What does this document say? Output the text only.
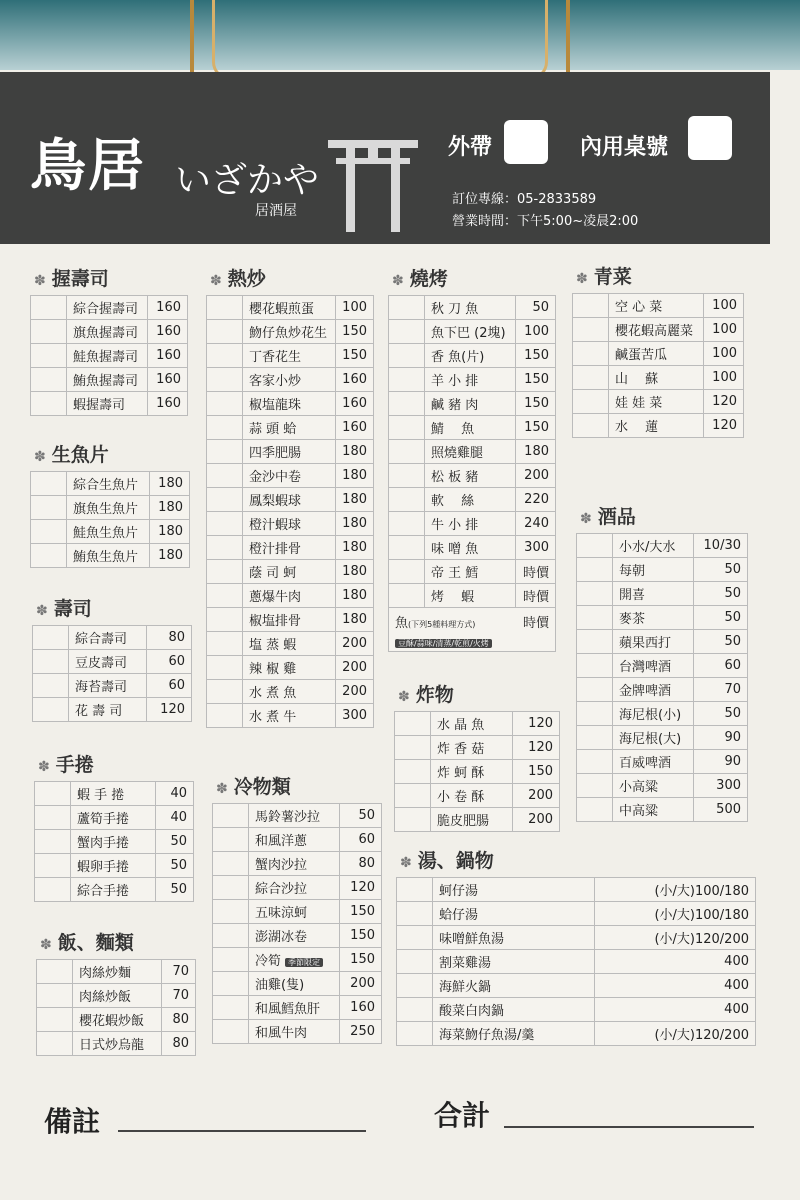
鳥居 いざかや
居酒屋
外帶	內用桌號
訂位專線：05-2833589
營業時間：下午5:00~凌晨2:00
✽ 握壽司
	綜合握壽司	160
	旗魚握壽司	160
	鮭魚握壽司	160
	鮪魚握壽司	160
	蝦握壽司	160
✽ 生魚片
	綜合生魚片	180
	旗魚生魚片	180
	鮭魚生魚片	180
	鮪魚生魚片	180
✽ 壽司
	綜合壽司	80
	豆皮壽司	60
	海苔壽司	60
	花 壽 司	120
✽ 手捲
	蝦 手 捲	40
	蘆筍手捲	40
	蟹肉手捲	50
	蝦卵手捲	50
	綜合手捲	50
✽ 飯、麵類
	肉絲炒麵	70
	肉絲炒飯	70
	櫻花蝦炒飯	80
	日式炒烏龍	80
✽ 熱炒
	櫻花蝦煎蛋	100
	魩仔魚炒花生	150
	丁香花生	150
	客家小炒	160
	椒塩龍珠	160
	蒜 頭 蛤	160
	四季肥腸	180
	金沙中卷	180
	鳳梨蝦球	180
	橙汁蝦球	180
	橙汁排骨	180
	蔭 司 蚵	180
	蔥爆牛肉	180
	椒塩排骨	180
	塩 蒸 蝦	200
	辣 椒 雞	200
	水 煮 魚	200
	水 煮 牛	300
✽ 冷物類
	馬鈴薯沙拉	50
	和風洋蔥	60
	蟹肉沙拉	80
	綜合沙拉	120
	五味涼蚵	150
	澎湖冰卷	150
	冷筍 季節限定	150
	油雞(隻)	200
	和風鱈魚肝	160
	和風牛肉	250
✽ 燒烤
	秋 刀 魚	50
	魚下巴 (2塊)	100
	香 魚(片)	150
	羊 小 排	150
	鹹 豬 肉	150
	鯖　 魚	150
	照燒雞腿	180
	松 板 豬	200
	軟　 絲	220
	牛 小 排	240
	味 噌 魚	300
	帝 王 鱈	時價
	烤　 蝦	時價
魚(下列5種料理方式)	時價
豆酥/蒜味/清蒸/乾煎/火烤
✽ 炸物
	水 晶 魚	120
	炸 香 菇	120
	炸 蚵 酥	150
	小 卷 酥	200
	脆皮肥腸	200
✽ 青菜
	空 心 菜	100
	櫻花蝦高麗菜	100
	鹹蛋苦瓜	100
	山　 蘇	100
	娃 娃 菜	120
	水　 蓮	120
✽ 酒品
	小水/大水	10/30
	每朝	50
	開喜	50
	麥茶	50
	蘋果西打	50
	台灣啤酒	60
	金牌啤酒	70
	海尼根(小)	50
	海尼根(大)	90
	百威啤酒	90
	小高粱	300
	中高粱	500
✽ 湯、鍋物
	蚵仔湯	(小/大)100/180
	蛤仔湯	(小/大)100/180
	味噌鮮魚湯	(小/大)120/200
	割菜雞湯	400
	海鮮火鍋	400
	酸菜白肉鍋	400
	海菜魩仔魚湯/羹	(小/大)120/200
備註	合計
